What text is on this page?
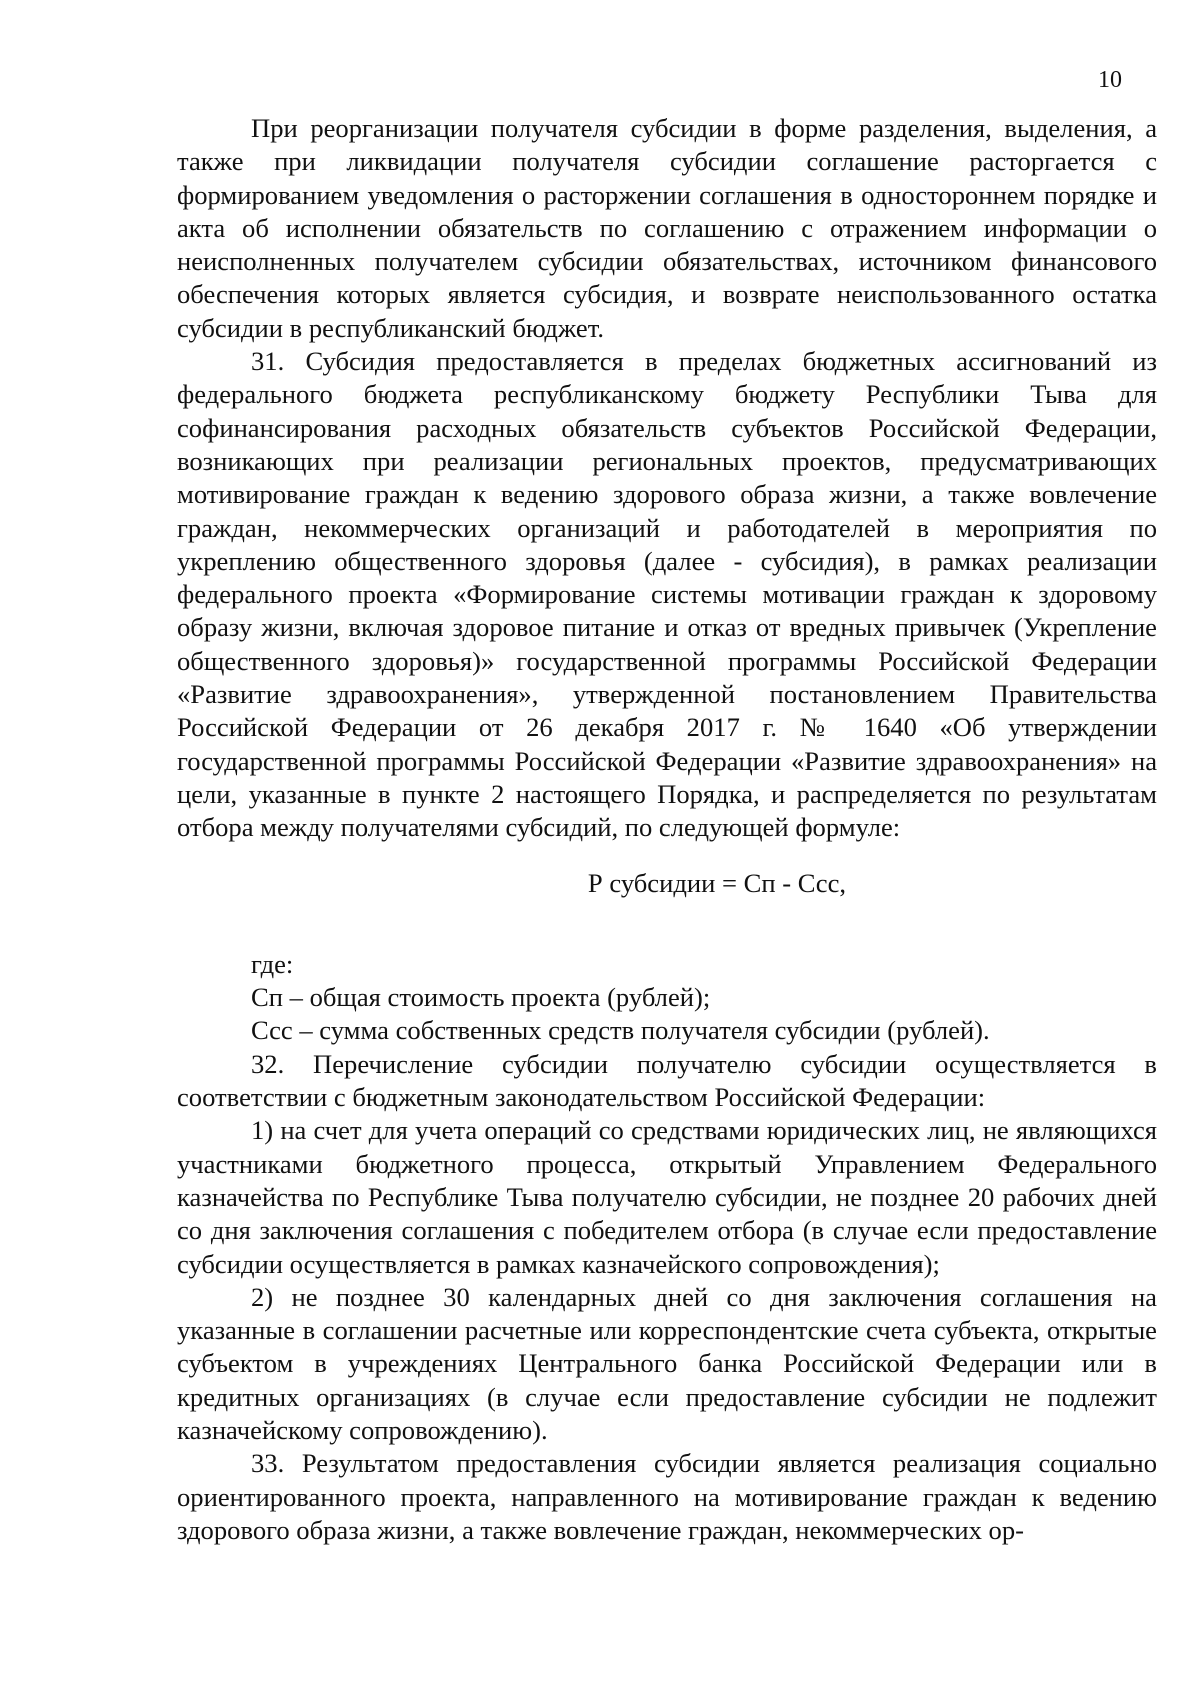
10

При реорганизации получателя субсидии в форме разделения, выделения, а также при ликвидации получателя субсидии соглашение расторгается с формированием уведомления о расторжении соглашения в одностороннем порядке и акта об исполнении обязательств по соглашению с отражением информации о неисполненных получателем субсидии обязательствах, источником финансового обеспечения которых является субсидия, и возврате неиспользованного остатка субсидии в республиканский бюджет.

31. Субсидия предоставляется в пределах бюджетных ассигнований из федерального бюджета республиканскому бюджету Республики Тыва для софинансирования расходных обязательств субъектов Российской Федерации, возникающих при реализации региональных проектов, предусматривающих мотивирование граждан к ведению здорового образа жизни, а также вовлечение граждан, некоммерческих организаций и работодателей в мероприятия по укреплению общественного здоровья (далее - субсидия), в рамках реализации федерального проекта «Формирование системы мотивации граждан к здоровому образу жизни, включая здоровое питание и отказ от вредных привычек (Укрепление общественного здоровья)» государственной программы Российской Федерации «Развитие здравоохранения», утвержденной постановлением Правительства Российской Федерации от 26 декабря 2017 г. № 1640 «Об утверждении государственной программы Российской Федерации «Развитие здравоохранения» на цели, указанные в пункте 2 настоящего Порядка, и распределяется по результатам отбора между получателями субсидий, по следующей формуле:

Р субсидии = Сп - Ссс,

где:

Сп – общая стоимость проекта (рублей);

Ссс – сумма собственных средств получателя субсидии (рублей).

32. Перечисление субсидии получателю субсидии осуществляется в соответствии с бюджетным законодательством Российской Федерации:

1) на счет для учета операций со средствами юридических лиц, не являющихся участниками бюджетного процесса, открытый Управлением Федерального казначейства по Республике Тыва получателю субсидии, не позднее 20 рабочих дней со дня заключения соглашения с победителем отбора (в случае если предоставление субсидии осуществляется в рамках казначейского сопровождения);

2) не позднее 30 календарных дней со дня заключения соглашения на указанные в соглашении расчетные или корреспондентские счета субъекта, открытые субъектом в учреждениях Центрального банка Российской Федерации или в кредитных организациях (в случае если предоставление субсидии не подлежит казначейскому сопровождению).

33. Результатом предоставления субсидии является реализация социально ориентированного проекта, направленного на мотивирование граждан к ведению здорового образа жизни, а также вовлечение граждан, некоммерческих ор-
